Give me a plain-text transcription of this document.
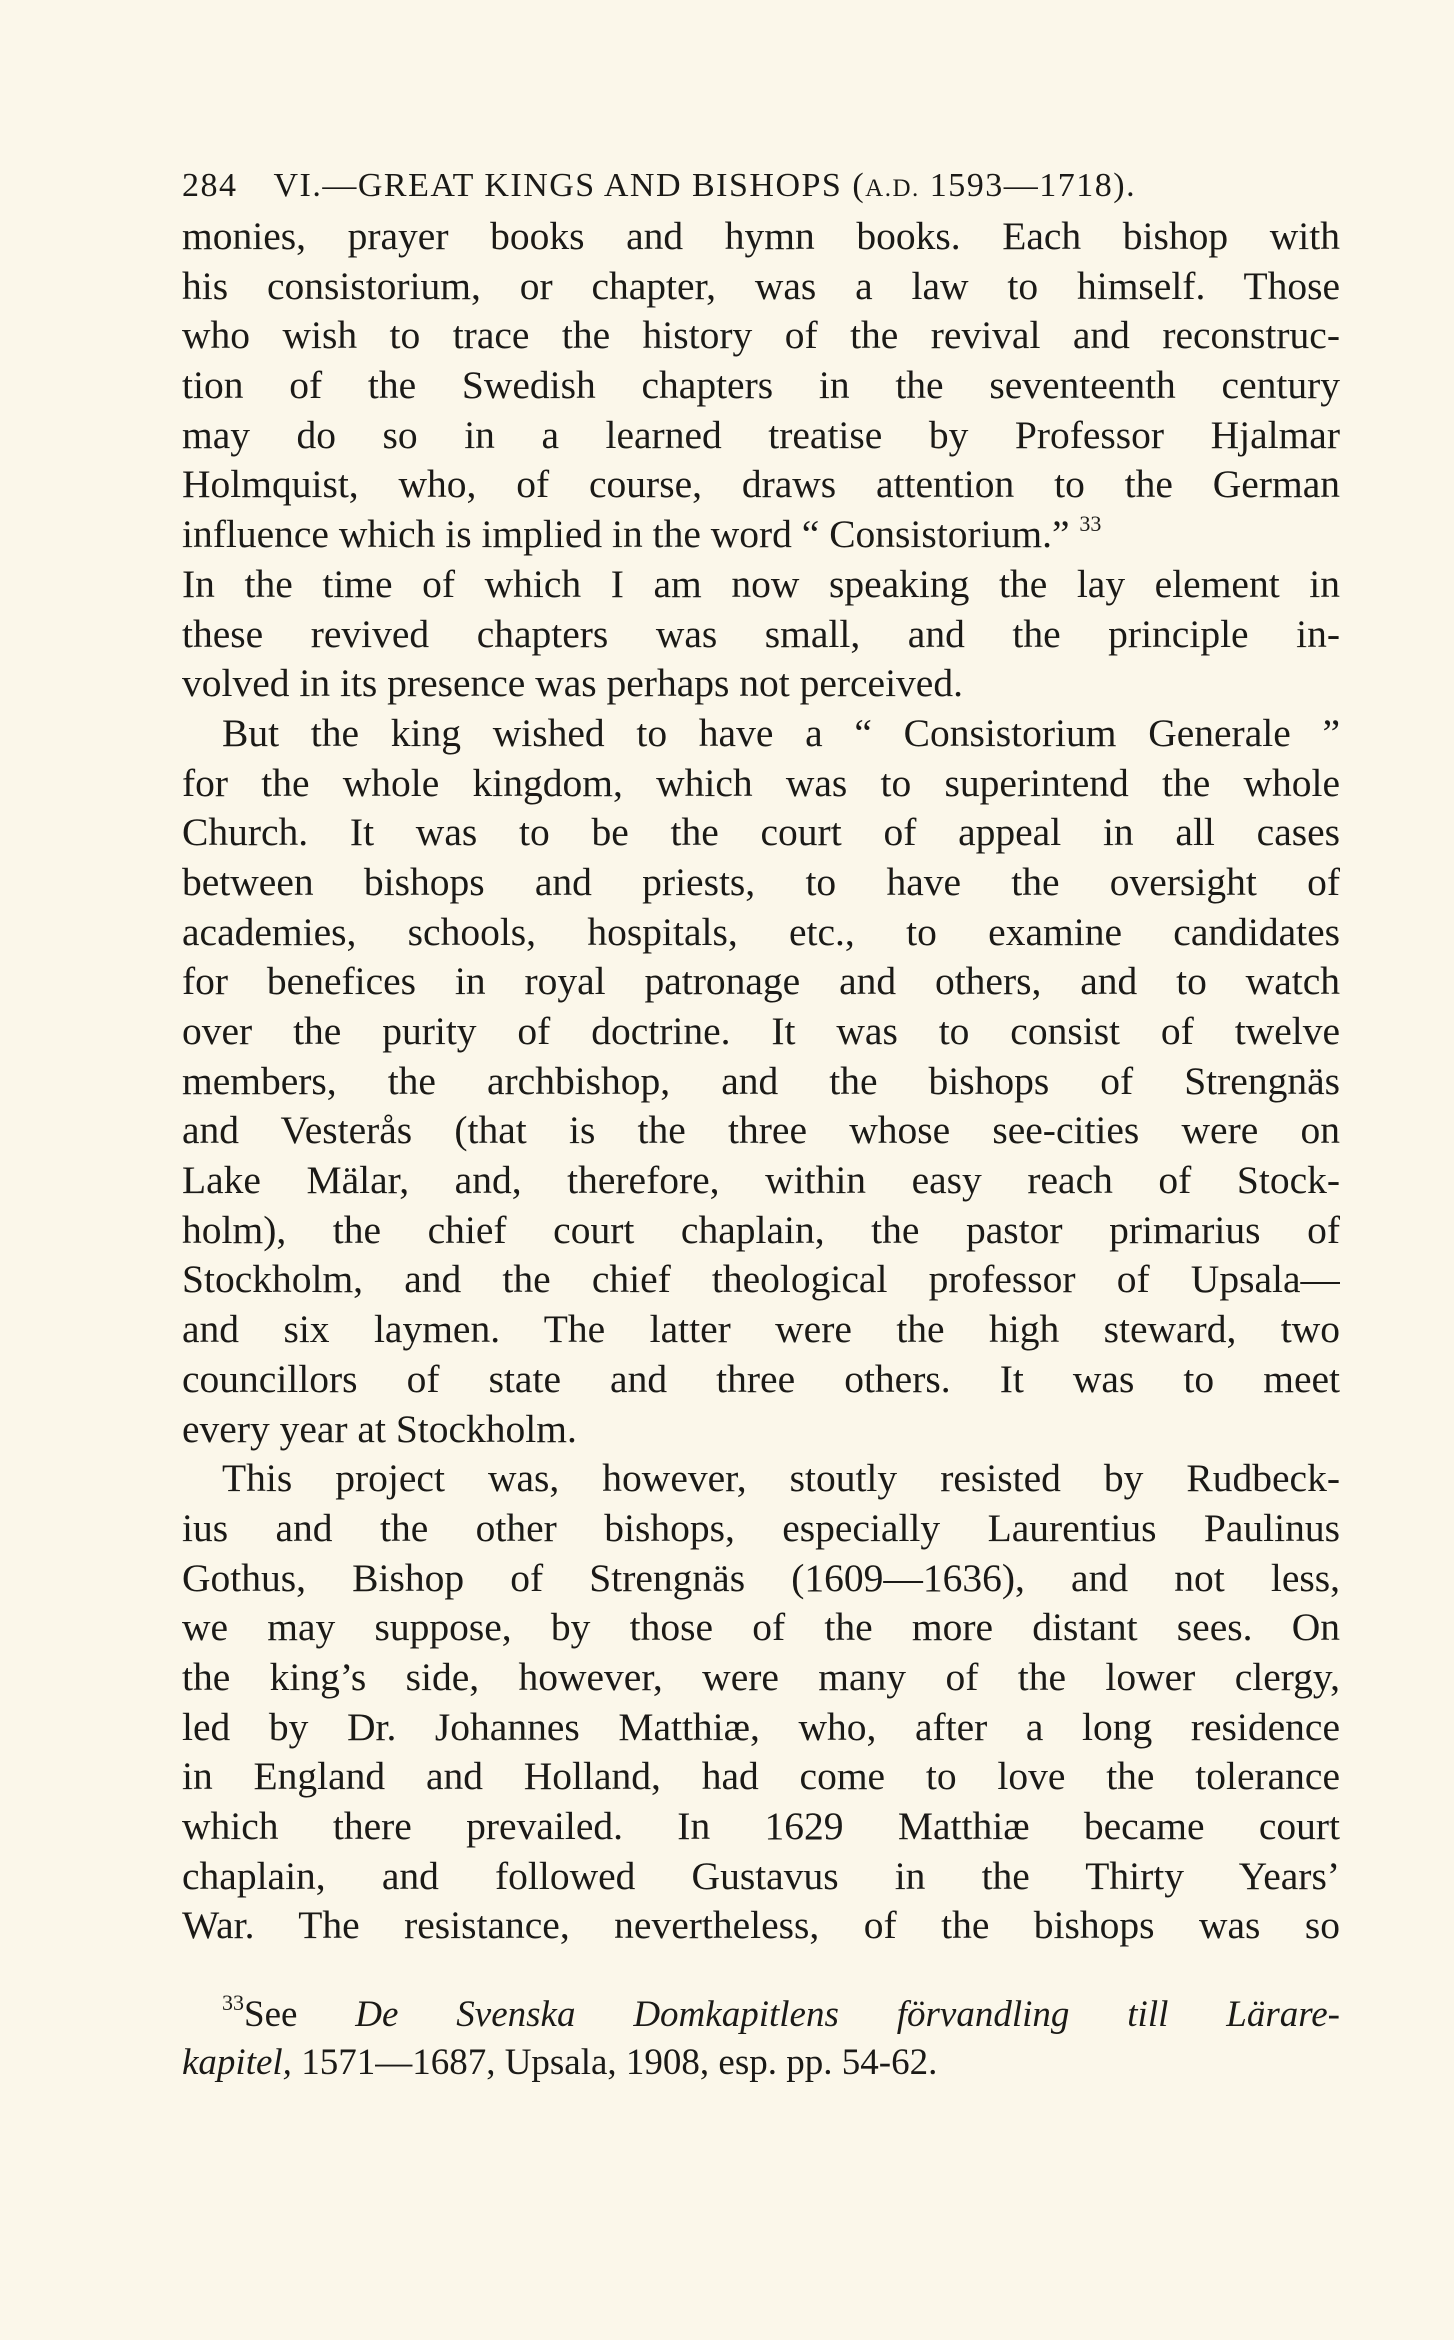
284 VI.—GREAT KINGS AND BISHOPS (A.D. 1593—1718).
monies, prayer books and hymn books. Each bishop with
his consistorium, or chapter, was a law to himself. Those
who wish to trace the history of the revival and reconstruc-
tion of the Swedish chapters in the seventeenth century
may do so in a learned treatise by Professor Hjalmar
Holmquist, who, of course, draws attention to the German
influence which is implied in the word “ Consistorium.” $^{33}$
In the time of which I am now speaking the lay element in
these revived chapters was small, and the principle in-
volved in its presence was perhaps not perceived.
But the king wished to have a “ Consistorium Generale ”
for the whole kingdom, which was to superintend the whole
Church. It was to be the court of appeal in all cases
between bishops and priests, to have the oversight of
academies, schools, hospitals, etc., to examine candidates
for benefices in royal patronage and others, and to watch
over the purity of doctrine. It was to consist of twelve
members, the archbishop, and the bishops of Strengnäs
and Vesterås (that is the three whose see-cities were on
Lake Mälar, and, therefore, within easy reach of Stock-
holm), the chief court chaplain, the pastor primarius of
Stockholm, and the chief theological professor of Upsala—
and six laymen. The latter were the high steward, two
councillors of state and three others. It was to meet
every year at Stockholm.
This project was, however, stoutly resisted by Rudbeck-
ius and the other bishops, especially Laurentius Paulinus
Gothus, Bishop of Strengnäs (1609—1636), and not less,
we may suppose, by those of the more distant sees. On
the king’s side, however, were many of the lower clergy,
led by Dr. Johannes Matthiæ, who, after a long residence
in England and Holland, had come to love the tolerance
which there prevailed. In 1629 Matthiæ became court
chaplain, and followed Gustavus in the Thirty Years’
War. The resistance, nevertheless, of the bishops was so
$^{33}$See De Svenska Domkapitlens förvandling till Lärare-
kapitel, 1571—1687, Upsala, 1908, esp. pp. 54-62.
